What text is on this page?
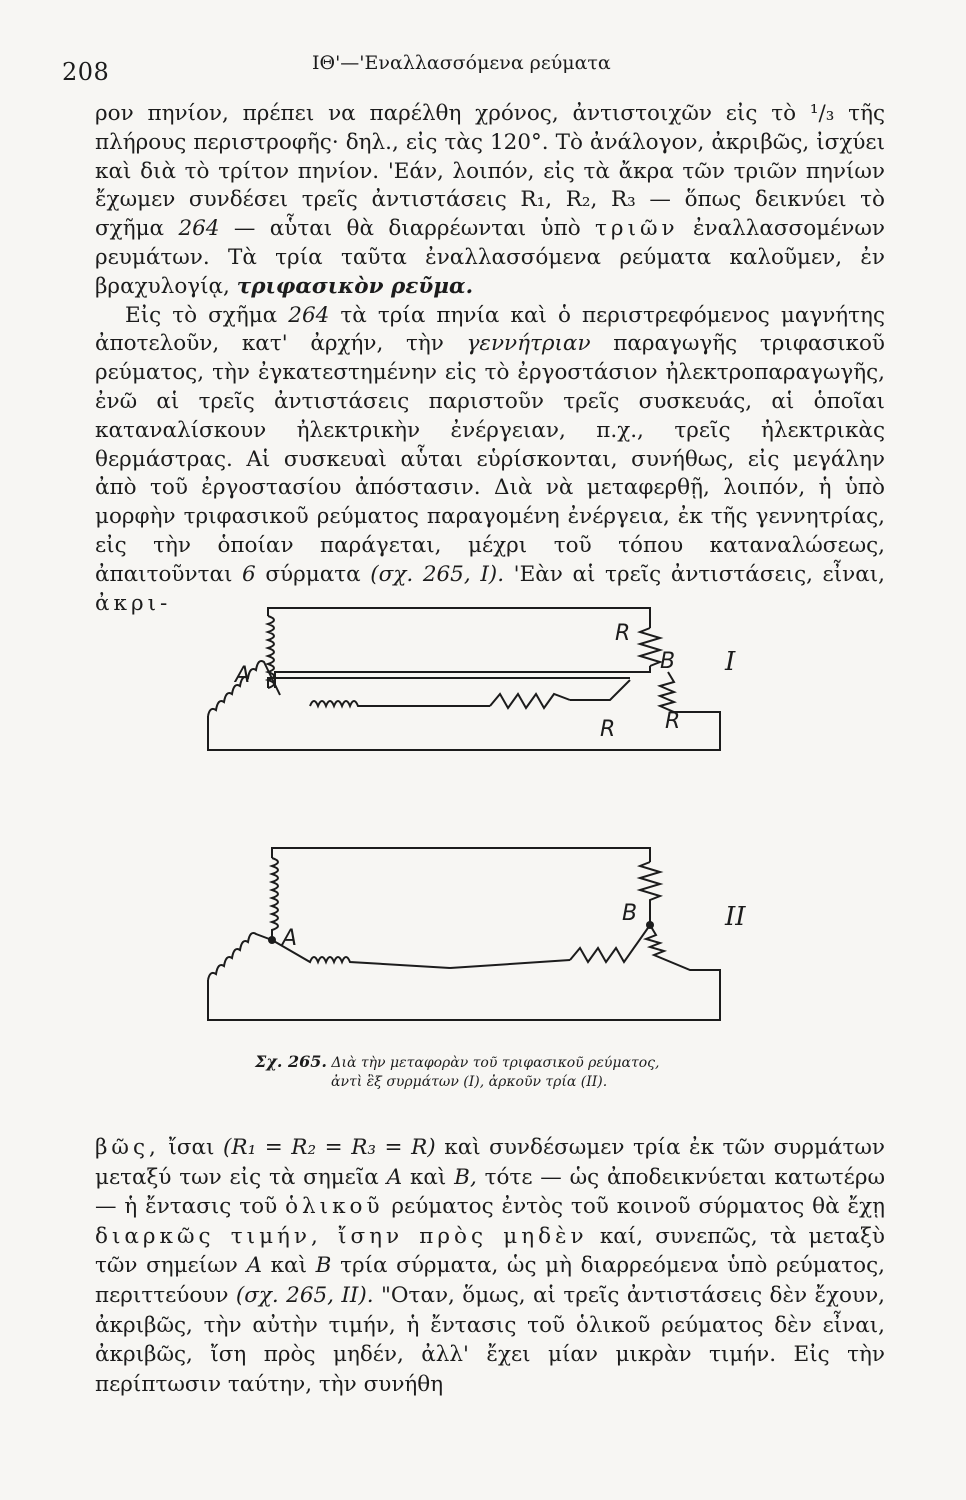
208	ΙΘ'—'Εναλλασσόμενα ρεύματα

ρον πηνίον, πρέπει να παρέλθη χρόνος, ἀντιστοιχῶν εἰς τὸ ¹/₃ τῆς πλήρους περιστροφῆς· δηλ., εἰς τὰς 120°. Τὸ ἀνάλογον, ἀκριβῶς, ἰσχύει καὶ διὰ τὸ τρίτον πηνίον. 'Εάν, λοιπόν, εἰς τὰ ἄκρα τῶν τριῶν πηνίων ἔχωμεν συνδέσει τρεῖς ἀντιστάσεις R₁, R₂, R₃ — ὅπως δεικνύει τὸ σχῆμα 264 — αὗται θὰ διαρρέωνται ὑπὸ τριῶν ἐναλλασσομένων ρευμάτων. Τὰ τρία ταῦτα ἐναλλασσόμενα ρεύματα καλοῦμεν, ἐν βραχυλογίᾳ, τριφασικὸν ρεῦμα.

Εἰς τὸ σχῆμα 264 τὰ τρία πηνία καὶ ὁ περιστρεφόμενος μαγνήτης ἀποτελοῦν, κατ' ἀρχήν, τὴν γεννήτριαν παραγωγῆς τριφασικοῦ ρεύματος, τὴν ἐγκατεστημένην εἰς τὸ ἐργοστάσιον ἠλεκτροπαραγωγῆς, ἐνῶ αἱ τρεῖς ἀντιστάσεις παριστοῦν τρεῖς συσκευάς, αἱ ὁποῖαι καταναλίσκουν ἠλεκτρικὴν ἐνέργειαν, π.χ., τρεῖς ἠλεκτρικὰς θερμάστρας. Αἱ συσκευαὶ αὗται εὑρίσκονται, συνήθως, εἰς μεγάλην ἀπὸ τοῦ ἐργοστασίου ἀπόστασιν. Διὰ νὰ μεταφερθῇ, λοιπόν, ἡ ὑπὸ μορφὴν τριφασικοῦ ρεύματος παραγομένη ἐνέργεια, ἐκ τῆς γεννητρίας, εἰς τὴν ὁποίαν παράγεται, μέχρι τοῦ τόπου καταναλώσεως, ἀπαιτοῦνται 6 σύρματα (σχ. 265, I). 'Εὰν αἱ τρεῖς ἀντιστάσεις, εἶναι, ἀκρι-

R
B
A
R R
I
A
B	II
Σχ. 265. Διὰ τὴν μεταφορὰν τοῦ τριφασικοῦ ρεύματος,
ἀντὶ ἓξ συρμάτων (I), ἀρκοῦν τρία (II).

βῶς, ἴσαι (R₁ = R₂ = R₃ = R) καὶ συνδέσωμεν τρία ἐκ τῶν συρμάτων μεταξύ των εἰς τὰ σημεῖα A καὶ B, τότε — ὡς ἀποδεικνύεται κατωτέρω — ἡ ἔντασις τοῦ ὁλικοῦ ρεύματος ἐντὸς τοῦ κοινοῦ σύρματος θὰ ἔχῃ διαρκῶς τιμήν, ἴσην πρὸς μηδὲν καί, συνεπῶς, τὰ μεταξὺ τῶν σημείων A καὶ B τρία σύρματα, ὡς μὴ διαρρεόμενα ὑπὸ ρεύματος, περιττεύουν (σχ. 265, II). "Οταν, ὅμως, αἱ τρεῖς ἀντιστάσεις δὲν ἔχουν, ἀκριβῶς, τὴν αὐτὴν τιμήν, ἡ ἔντασις τοῦ ὁλικοῦ ρεύματος δὲν εἶναι, ἀκριβῶς, ἴση πρὸς μηδέν, ἀλλ' ἔχει μίαν μικρὰν τιμήν. Εἰς τὴν περίπτωσιν ταύτην, τὴν συνήθη
